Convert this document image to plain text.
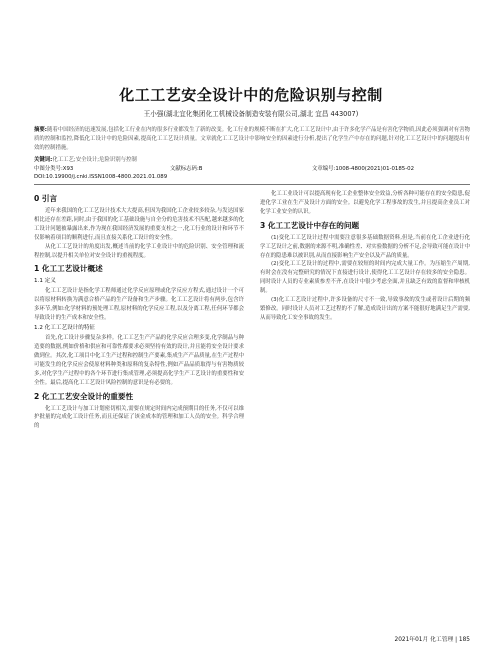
化工工艺安全设计中的危险识别与控制
王小强(湖北宜化集团化工机械设备制造安装有限公司,湖北 宜昌 443007)
摘要:随着中国经济的迅速发展,包括化工行业在内的很多行业都发生了新的改变。化工行业的规模不断在扩大,化工工艺设计中,由于许多化学产品是有害化学物质,因此必须强调对有害物质的控制和监控,降低化工设计中的危险因素,提高化工工艺设计质量。文章就化工工艺设计中影响安全的因素进行分析,提出了化学生产中存在的问题,针对化工工艺设计中的问题提出有效的控制措施。
关键词:化工工艺;安全设计;危险识别与控制
中图分类号:X93	文献标志码:B	文章编号:1008-4800(2021)01-0185-02
DOI:10.19900/j.cnki.ISSN1008-4800.2021.01.089
0 引言

近年来我国的化工工艺设计技术大大提高,但因为我国化工企业较多较杂,与发达国家相比还存在差距,同时,由于我国的化工基础设施与自全分的危害技术不匹配,越来越多的化工设计问题被暴露出来,作为现在我国经济发展的重要支柱之一,化工行业的设计和环节不仅影响着项目的顺利进行,而且直接关系化工设计的安全性。

从化工工艺设计的角度出发,概述当前的化学工业设计中的危险识别、安全管理和流程控制,以提升相关单位对安全设计的重视程度。

1 化工工艺设计概述
1.1 定义

化工工艺设计是指化学工程师通过化学反应原理或化学反应方程式,通过设计一个可以将原材料转换为满意合格产品的生产设备和生产步骤。化工工艺设计将有两步,包含许多环节,例如:化学材料的预处理工程,原材料的化学反应工程,以及分离工程,任何环节都会导致设计的生产成本和安全性。

1.2 化工工艺设计的特征

首先,化工设计步骤复杂多样。化工工艺生产产品的化学反应合理多变,化学制品与种造要的数据,例如价格和供应和可靠性都要求必须坚持有效的设计,并且能将安全设计要求做到位。其次,化工项目中化工生产过程和控制生产要素,集成生产产品质量,在生产过程中可能发生的化学反应会使原材料种类和原料的复杂特性,例如产品品质取得与有害物质较多,对化学生产过程中的各个环节进行集成管理,必须提高化学生产工艺设计的重要性和安全性。最后,提高化工工艺设计风险控制的意识是有必要的。

2 化工工艺安全设计的重要性

化工工艺设计与加工计划密切相关,需要在规定时间内完成预期目的任务,不仅可以维护批量的完成化工设计任务,而且还保证了该金成本的管理和加工人员的安全。科学合理的

化工工业设计可以提高现有化工企业整体安全效益,分析各种可能存在的安全隐患,促进化学工业在生产及设计方面的安全。以避免化学工程事故的发生,并且提高企业员工对化学工业安全的认识。

3 化工工艺设计中存在的问题

(1)变化工工艺设计过程中需要注意很多基础数据资料,但是,当前在化工企业进行化学工艺设计之前,数据的来源不明,准确性差、对实验数据的分析不足,会导致可能在设计中存在的隐患难以被识别,从而直接影响生产安全以及产品的质量。

(2)变化工工艺设计的过程中,需要在较短的时间内完成大量工作。为压缩生产周期,有时会在没有完整研究的情况下直接进行设计,使得化工工艺设计存在较多的安全隐患。同时设计人员的专业素质参差不齐,在设计中很少考虑全面,并且缺乏有效的监督和审核机制。

(3)化工工艺设计过程中,许多设备的尺寸不一致,导致事故的发生或者设计后期的频繁修改。同时设计人员对工艺过程的不了解,造成设计出的方案不能很好地满足生产需要,从而导致化工安全事故的发生。

2021年01月 化工管理 | 185
